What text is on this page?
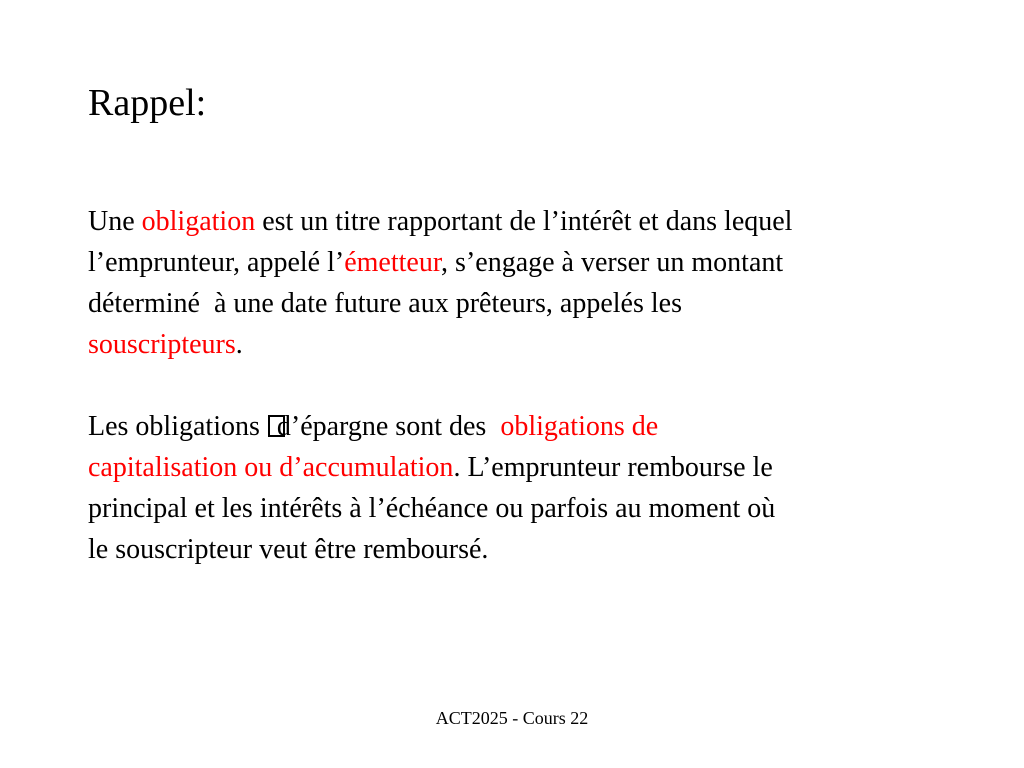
Rappel:

Une obligation est un titre rapportant de l’intérêt et dans lequel
l’emprunteur, appelé l’émetteur, s’engage à verser un montant
déterminé  à une date future aux prêteurs, appelés les
souscripteurs.

Les obligations d’épargne sont des  obligations de
capitalisation ou d’accumulation. L’emprunteur rembourse le
principal et les intérêts à l’échéance ou parfois au moment où
le souscripteur veut être remboursé.

ACT2025 - Cours 22
